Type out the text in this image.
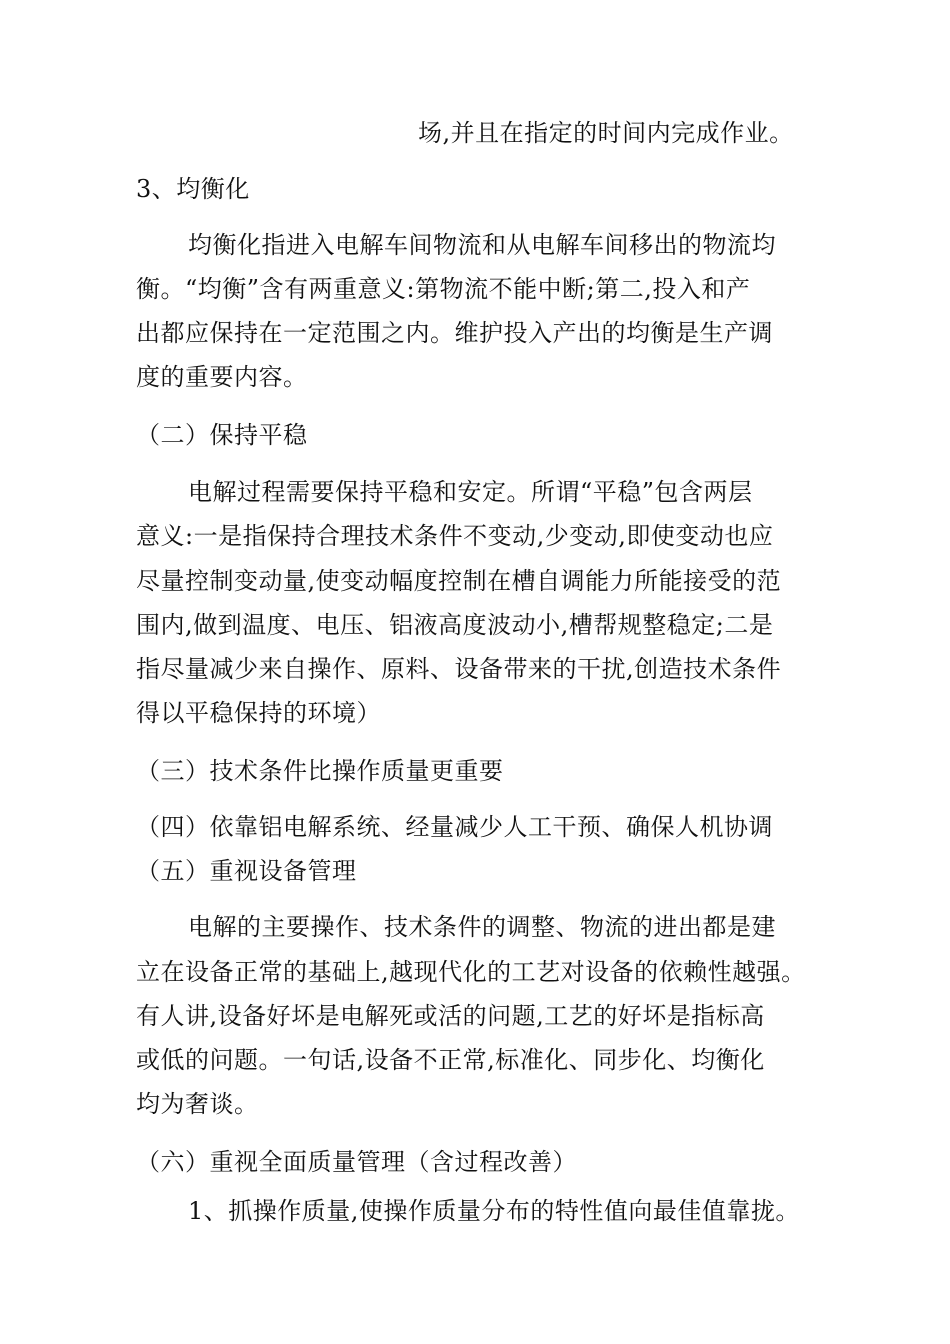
场,并且在指定的时间内完成作业。
3、均衡化
均衡化指进入电解车间物流和从电解车间移出的物流均
衡。“均衡”含有两重意义:第物流不能中断;第二,投入和产
出都应保持在一定范围之内。维护投入产出的均衡是生产调
度的重要内容。
（二）保持平稳
电解过程需要保持平稳和安定。所谓“平稳”包含两层
意义:一是指保持合理技术条件不变动,少变动,即使变动也应
尽量控制变动量,使变动幅度控制在槽自调能力所能接受的范
围内,做到温度、电压、铝液高度波动小,槽帮规整稳定;二是
指尽量减少来自操作、原料、设备带来的干扰,创造技术条件
得以平稳保持的环境）
（三）技术条件比操作质量更重要
（四）依靠铝电解系统、经量减少人工干预、确保人机协调
（五）重视设备管理
电解的主要操作、技术条件的调整、物流的进出都是建
立在设备正常的基础上,越现代化的工艺对设备的依赖性越强。
有人讲,设备好坏是电解死或活的问题,工艺的好坏是指标高
或低的问题。一句话,设备不正常,标准化、同步化、均衡化
均为奢谈。
（六）重视全面质量管理（含过程改善）
1、抓操作质量,使操作质量分布的特性值向最佳值靠拢。
